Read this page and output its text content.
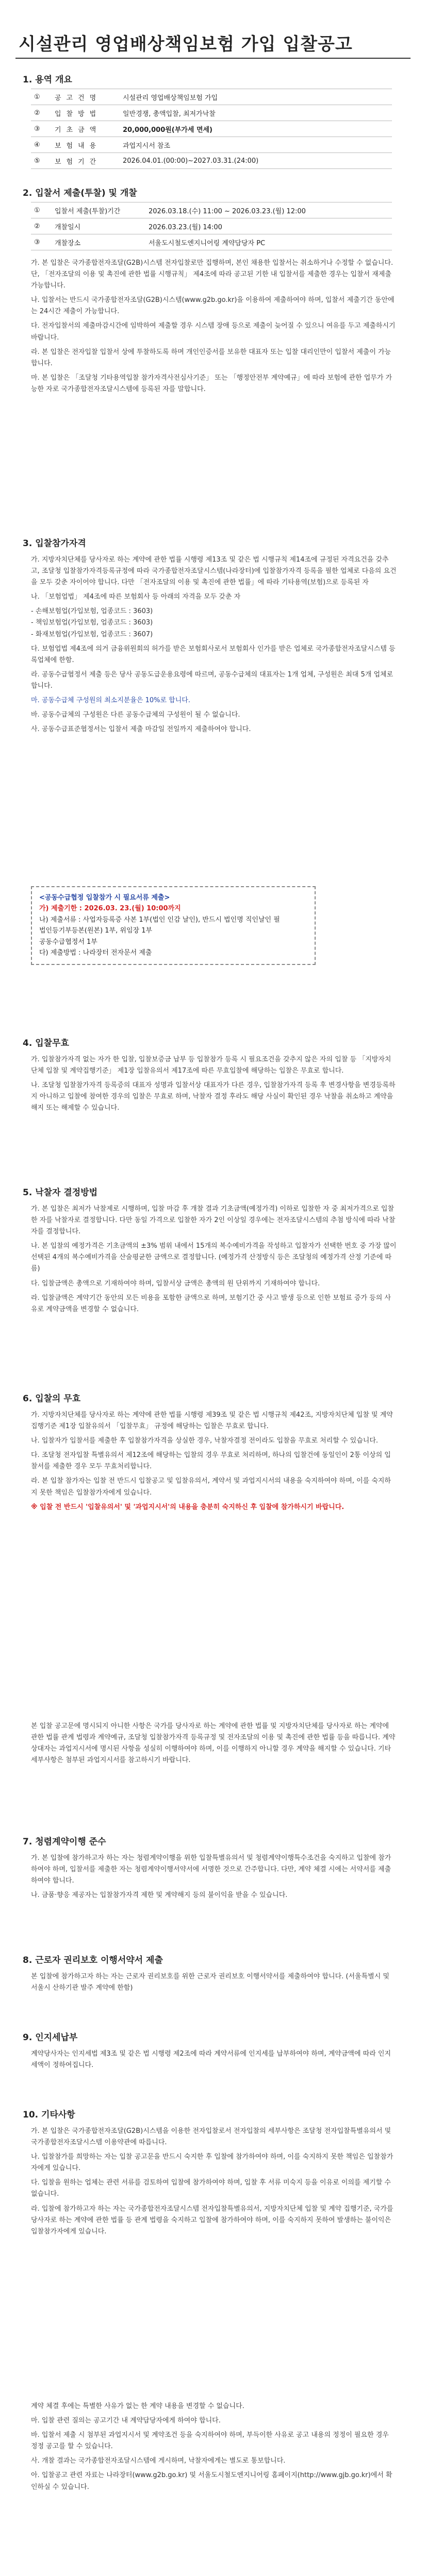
시설관리 영업배상책임보험 가입 입찰공고
1. 용역 개요
①	공고건명	시설관리 영업배상책임보험 가입
②	입찰방법	일반경쟁, 총액입찰, 최저가낙찰
③	기초금액	20,000,000원(부가세 면세)
④	보험내용	과업지시서 참조
⑤	보험기간	2026.04.01.(00:00)~2027.03.31.(24:00)
2. 입찰서 제출(투찰) 및 개찰
①	입찰서 제출(투찰)기간	2026.03.18.(수) 11:00 ~ 2026.03.23.(월) 12:00
②	개찰일시	2026.03.23.(월) 14:00
③	개찰장소	서울도시철도엔지니어링 계약담당자 PC

가. 본 입찰은 국가종합전자조달(G2B)시스템 전자입찰로만 집행하며, 본인 채용한 입찰서는 취소하거나 수정할 수 없습니다. 단, 「전자조달의 이용 및 촉진에 관한 법률 시행규칙」 제4조에 따라 공고된 기한 내 입찰서를 제출한 경우는 입찰서 재제출 가능합니다.

나. 입찰서는 반드시 국가종합전자조달(G2B)시스템(www.g2b.go.kr)을 이용하여 제출하여야 하며, 입찰서 제출기간 동안에는 24시간 제출이 가능합니다.

다. 전자입찰서의 제출마감시간에 임박하여 제출할 경우 시스템 장애 등으로 제출이 늦어질 수 있으니 여유를 두고 제출하시기 바랍니다.

라. 본 입찰은 전자입찰 입찰서 상에 투찰하도록 하며 개인인증서를 보유한 대표자 또는 입찰 대리인만이 입찰서 제출이 가능합니다.

마. 본 입찰은 「조달청 기타용역입찰 참가자격사전심사기준」 또는 「행정안전부 계약예규」에 따라 보험에 관한 업무가 가능한 자로 국가종합전자조달시스템에 등록된 자를 말합니다.

3. 입찰참가자격

가. 지방자치단체를 당사자로 하는 계약에 관한 법률 시행령 제13조 및 같은 법 시행규칙 제14조에 규정된 자격요건을 갖추고, 조달청 입찰참가자격등록규정에 따라 국가종합전자조달시스템(나라장터)에 입찰참가자격 등록을 필한 업체로 다음의 요건을 모두 갖춘 자이어야 합니다. 다만 「전자조달의 이용 및 촉진에 관한 법률」에 따라 기타용역(보험)으로 등록된 자

나. 「보험업법」 제4조에 따른 보험회사 등 아래의 자격을 모두 갖춘 자

- 손해보험업(가입보험, 업종코드 : 3603)

- 책임보험업(가입보험, 업종코드 : 3603)

- 화재보험업(가입보험, 업종코드 : 3607)

다. 보험업법 제4조에 의거 금융위원회의 허가를 받은 보험회사로서 보험회사 인가를 받은 업체로 국가종합전자조달시스템 등록업체에 한함.

라. 공동수급협정서 제출 등은 당사 공동도급운용요령에 따르며, 공동수급체의 대표자는 1개 업체, 구성원은 최대 5개 업체로 합니다.

마. 공동수급체 구성원의 최소지분율은 10%로 합니다.

바. 공동수급체의 구성원은 다른 공동수급체의 구성원이 될 수 없습니다.

사. 공동수급표준협정서는 입찰서 제출 마감일 전일까지 제출하여야 합니다.

<공동수급협정 입찰참가 시 필요서류 제출>
가) 제출기한 : 2026.03. 23.(월) 10:00까지
나) 제출서류 : 사업자등록증 사본 1부(법인 인감 날인), 반드시 법인명 직인날인 필
법인등기부등본(원본) 1부, 위임장 1부
공동수급협정서 1부
다) 제출방법 : 나라장터 전자문서 제출
4. 입찰무효

가. 입찰참가자격 없는 자가 한 입찰, 입찰보증금 납부 등 입찰참가 등록 시 필요조건을 갖추지 않은 자의 입찰 등 「지방자치단체 입찰 및 계약집행기준」 제1장 입찰유의서 제17조에 따른 무효입찰에 해당하는 입찰은 무효로 합니다.

나. 조달청 입찰참가자격 등록증의 대표자 성명과 입찰서상 대표자가 다른 경우, 입찰참가자격 등록 후 변경사항을 변경등록하지 아니하고 입찰에 참여한 경우의 입찰은 무효로 하며, 낙찰자 결정 후라도 해당 사실이 확인된 경우 낙찰을 취소하고 계약을 해지 또는 해제할 수 있습니다.

5. 낙찰자 결정방법

가. 본 입찰은 최저가 낙찰제로 시행하며, 입찰 마감 후 개찰 결과 기초금액(예정가격) 이하로 입찰한 자 중 최저가격으로 입찰한 자를 낙찰자로 결정합니다. 다만 동일 가격으로 입찰한 자가 2인 이상일 경우에는 전자조달시스템의 추첨 방식에 따라 낙찰자를 결정합니다.

나. 본 입찰의 예정가격은 기초금액의 ±3% 범위 내에서 15개의 복수예비가격을 작성하고 입찰자가 선택한 번호 중 가장 많이 선택된 4개의 복수예비가격을 산술평균한 금액으로 결정합니다. (예정가격 산정방식 등은 조달청의 예정가격 산정 기준에 따름)

다. 입찰금액은 총액으로 기재하여야 하며, 입찰서상 금액은 총액의 원 단위까지 기재하여야 합니다.

라. 입찰금액은 계약기간 동안의 모든 비용을 포함한 금액으로 하며, 보험기간 중 사고 발생 등으로 인한 보험료 증가 등의 사유로 계약금액을 변경할 수 없습니다.

6. 입찰의 무효

가. 지방자치단체를 당사자로 하는 계약에 관한 법률 시행령 제39조 및 같은 법 시행규칙 제42조, 지방자치단체 입찰 및 계약집행기준 제1장 입찰유의서 「입찰무효」 규정에 해당하는 입찰은 무효로 합니다.

나. 입찰자가 입찰서를 제출한 후 입찰참가자격을 상실한 경우, 낙찰자결정 전이라도 입찰을 무효로 처리할 수 있습니다.

다. 조달청 전자입찰 특별유의서 제12조에 해당하는 입찰의 경우 무효로 처리하며, 하나의 입찰건에 동일인이 2통 이상의 입찰서를 제출한 경우 모두 무효처리합니다.

라. 본 입찰 참가자는 입찰 전 반드시 입찰공고 및 입찰유의서, 계약서 및 과업지시서의 내용을 숙지하여야 하며, 이를 숙지하지 못한 책임은 입찰참가자에게 있습니다.

※ 입찰 전 반드시 '입찰유의서' 및 '과업지시서'의 내용을 충분히 숙지하신 후 입찰에 참가하시기 바랍니다.

본 입찰 공고문에 명시되지 아니한 사항은 국가를 당사자로 하는 계약에 관한 법률 및 지방자치단체를 당사자로 하는 계약에 관한 법률 관계 법령과 계약예규, 조달청 입찰참가자격 등록규정 및 전자조달의 이용 및 촉진에 관한 법률 등을 따릅니다. 계약상대자는 과업지시서에 명시된 사항을 성실히 이행하여야 하며, 이를 이행하지 아니할 경우 계약을 해지할 수 있습니다. 기타 세부사항은 첨부된 과업지시서를 참고하시기 바랍니다.

7. 청렴계약이행 준수

가. 본 입찰에 참가하고자 하는 자는 청렴계약이행을 위한 입찰특별유의서 및 청렴계약이행특수조건을 숙지하고 입찰에 참가하여야 하며, 입찰서를 제출한 자는 청렴계약이행서약서에 서명한 것으로 간주합니다. 다만, 계약 체결 시에는 서약서를 제출하여야 합니다.

나. 금품·향응 제공자는 입찰참가자격 제한 및 계약해지 등의 불이익을 받을 수 있습니다.

8. 근로자 권리보호 이행서약서 제출

본 입찰에 참가하고자 하는 자는 근로자 권리보호를 위한 근로자 권리보호 이행서약서를 제출하여야 합니다. (서울특별시 및 서울시 산하기관 발주 계약에 한함)

9. 인지세납부

계약당사자는 인지세법 제3조 및 같은 법 시행령 제2조에 따라 계약서류에 인지세를 납부하여야 하며, 계약금액에 따라 인지세액이 정하여집니다.

10. 기타사항

가. 본 입찰은 국가종합전자조달(G2B)시스템을 이용한 전자입찰로서 전자입찰의 세부사항은 조달청 전자입찰특별유의서 및 국가종합전자조달시스템 이용약관에 따릅니다.

나. 입찰참가를 희망하는 자는 입찰 공고문을 반드시 숙지한 후 입찰에 참가하여야 하며, 이를 숙지하지 못한 책임은 입찰참가자에게 있습니다.

다. 입찰을 원하는 업체는 관련 서류를 검토하여 입찰에 참가하여야 하며, 입찰 후 서류 미숙지 등을 이유로 이의를 제기할 수 없습니다.

라. 입찰에 참가하고자 하는 자는 국가종합전자조달시스템 전자입찰특별유의서, 지방자치단체 입찰 및 계약 집행기준, 국가를 당사자로 하는 계약에 관한 법률 등 관계 법령을 숙지하고 입찰에 참가하여야 하며, 이를 숙지하지 못하여 발생하는 불이익은 입찰참가자에게 있습니다.

계약 체결 후에는 특별한 사유가 없는 한 계약 내용을 변경할 수 없습니다.

마. 입찰 관련 질의는 공고기간 내 계약담당자에게 하여야 합니다.

바. 입찰서 제출 시 첨부된 과업지시서 및 계약조건 등을 숙지하여야 하며, 부득이한 사유로 공고 내용의 정정이 필요한 경우 정정 공고를 할 수 있습니다.

사. 개찰 결과는 국가종합전자조달시스템에 게시하며, 낙찰자에게는 별도로 통보합니다.

아. 입찰공고 관련 자료는 나라장터(www.g2b.go.kr) 및 서울도시철도엔지니어링 홈페이지(http://www.gjb.go.kr)에서 확인하실 수 있습니다.
